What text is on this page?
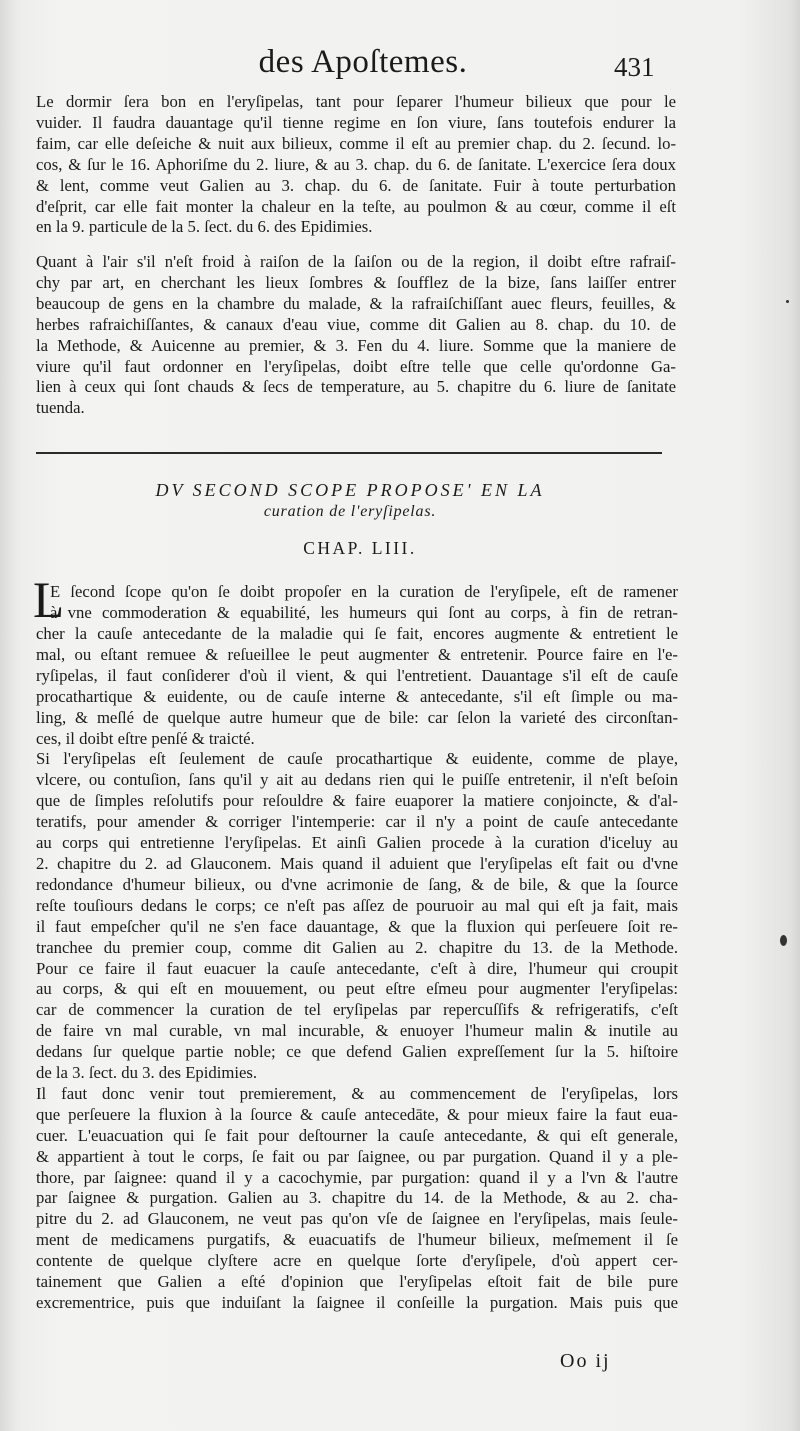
des Apoſtemes.	431
Le dormir ſera bon en l'eryſipelas, tant pour ſeparer l'humeur bilieux que pour le
vuider. Il faudra dauantage qu'il tienne regime en ſon viure, ſans toutefois endurer la
faim, car elle deſeiche & nuit aux bilieux, comme il eſt au premier chap. du 2. ſecund. lo-
cos, & ſur le 16. Aphoriſme du 2. liure, & au 3. chap. du 6. de ſanitate. L'exercice ſera doux
& lent, comme veut Galien au 3. chap. du 6. de ſanitate. Fuir à toute perturbation
d'eſprit, car elle fait monter la chaleur en la teſte, au poulmon & au cœur, comme il eſt
en la 9. particule de la 5. ſect. du 6. des Epidimies.
Quant à l'air s'il n'eſt froid à raiſon de la ſaiſon ou de la region, il doibt eſtre rafraiſ-
chy par art, en cherchant les lieux ſombres & ſoufflez de la bize, ſans laiſſer entrer
beaucoup de gens en la chambre du malade, & la rafraiſchiſſant auec fleurs, feuilles, &
herbes rafraichiſſantes, & canaux d'eau viue, comme dit Galien au 8. chap. du 10. de
la Methode, & Auicenne au premier, & 3. Fen du 4. liure. Somme que la maniere de
viure qu'il faut ordonner en l'eryſipelas, doibt eſtre telle que celle qu'ordonne Ga-
lien à ceux qui ſont chauds & ſecs de temperature, au 5. chapitre du 6. liure de ſanitate
tuenda.
DV SECOND SCOPE PROPOSE' EN LA
curation de l'eryſipelas.
CHAP. LIII.
L
E ſecond ſcope qu'on ſe doibt propoſer en la curation de l'eryſipele, eſt de ramener
à vne commoderation & equabilité, les humeurs qui ſont au corps, à fin de retran-
cher la cauſe antecedante de la maladie qui ſe fait, encores augmente & entretient le
mal, ou eſtant remuee & reſueillee le peut augmenter & entretenir. Pource faire en l'e-
ryſipelas, il faut conſiderer d'où il vient, & qui l'entretient. Dauantage s'il eſt de cauſe
procathartique & euidente, ou de cauſe interne & antecedante, s'il eſt ſimple ou ma-
ling, & meſlé de quelque autre humeur que de bile: car ſelon la varieté des circonſtan-
ces, il doibt eſtre penſé & traicté.
Si l'eryſipelas eſt ſeulement de cauſe procathartique & euidente, comme de playe,
vlcere, ou contuſion, ſans qu'il y ait au dedans rien qui le puiſſe entretenir, il n'eſt beſoin
que de ſimples reſolutifs pour reſouldre & faire euaporer la matiere conjoincte, & d'al-
teratifs, pour amender & corriger l'intemperie: car il n'y a point de cauſe antecedante
au corps qui entretienne l'eryſipelas. Et ainſi Galien procede à la curation d'iceluy au
2. chapitre du 2. ad Glauconem. Mais quand il aduient que l'eryſipelas eſt fait ou d'vne
redondance d'humeur bilieux, ou d'vne acrimonie de ſang, & de bile, & que la ſource
reſte touſiours dedans le corps; ce n'eſt pas aſſez de pouruoir au mal qui eſt ja fait, mais
il faut empeſcher qu'il ne s'en face dauantage, & que la fluxion qui perſeuere ſoit re-
tranchee du premier coup, comme dit Galien au 2. chapitre du 13. de la Methode.
Pour ce faire il faut euacuer la cauſe antecedante, c'eſt à dire, l'humeur qui croupit
au corps, & qui eſt en mouuement, ou peut eſtre eſmeu pour augmenter l'eryſipelas:
car de commencer la curation de tel eryſipelas par repercuſſifs & refrigeratifs, c'eſt
de faire vn mal curable, vn mal incurable, & enuoyer l'humeur malin & inutile au
dedans ſur quelque partie noble; ce que defend Galien expreſſement ſur la 5. hiſtoire
de la 3. ſect. du 3. des Epidimies.
Il faut donc venir tout premierement, & au commencement de l'eryſipelas, lors
que perſeuere la fluxion à la ſource & cauſe antecedāte, & pour mieux faire la faut eua-
cuer. L'euacuation qui ſe fait pour deſtourner la cauſe antecedante, & qui eſt generale,
& appartient à tout le corps, ſe fait ou par ſaignee, ou par purgation. Quand il y a ple-
thore, par ſaignee: quand il y a cacochymie, par purgation: quand il y a l'vn & l'autre
par ſaignee & purgation. Galien au 3. chapitre du 14. de la Methode, & au 2. cha-
pitre du 2. ad Glauconem, ne veut pas qu'on vſe de ſaignee en l'eryſipelas, mais ſeule-
ment de medicamens purgatifs, & euacuatifs de l'humeur bilieux, meſmement il ſe
contente de quelque clyſtere acre en quelque ſorte d'eryſipele, d'où appert cer-
tainement que Galien a eſté d'opinion que l'eryſipelas eſtoit fait de bile pure
excrementrice, puis que induiſant la ſaignee il conſeille la purgation. Mais puis que
Oo ij
